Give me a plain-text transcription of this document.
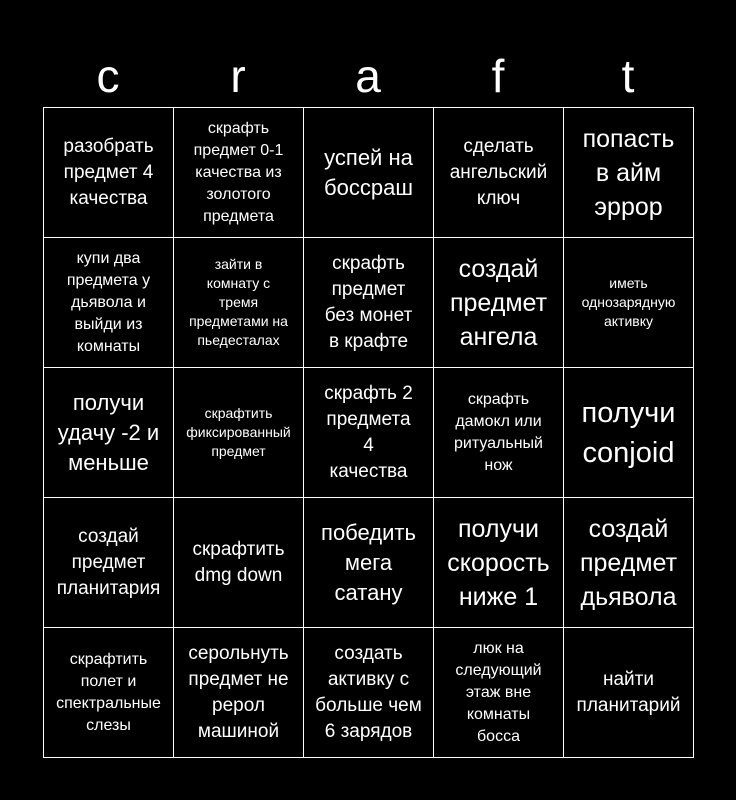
c	r	a	f	t
разобрать
предмет 4
качества
скрафть
предмет 0-1
качества из
золотого
предмета
успей на
боссраш
сделать
ангельский
ключ
попасть
в айм
эррор
купи два
предмета у
дьявола и
выйди из
комнаты
зайти в
комнату с
тремя
предметами на
пьедесталах
скрафть
предмет
без монет
в крафте
создай
предмет
ангела
иметь
однозарядную
активку
получи
удачу -2 и
меньше
скрафтить
фиксированный
предмет
скрафть 2
предмета
4
качества
скрафть
дамокл или
ритуальный
нож
получи
conjoid
создай
предмет
планитария
скрафтить
dmg down
победить
мега
сатану
получи
скорость
ниже 1
создай
предмет
дьявола
скрафтить
полет и
спектральные
слезы
серольнуть
предмет не
рерол
машиной
создать
активку с
больше чем
6 зарядов
люк на
следующий
этаж вне
комнаты
босса
найти
планитарий
